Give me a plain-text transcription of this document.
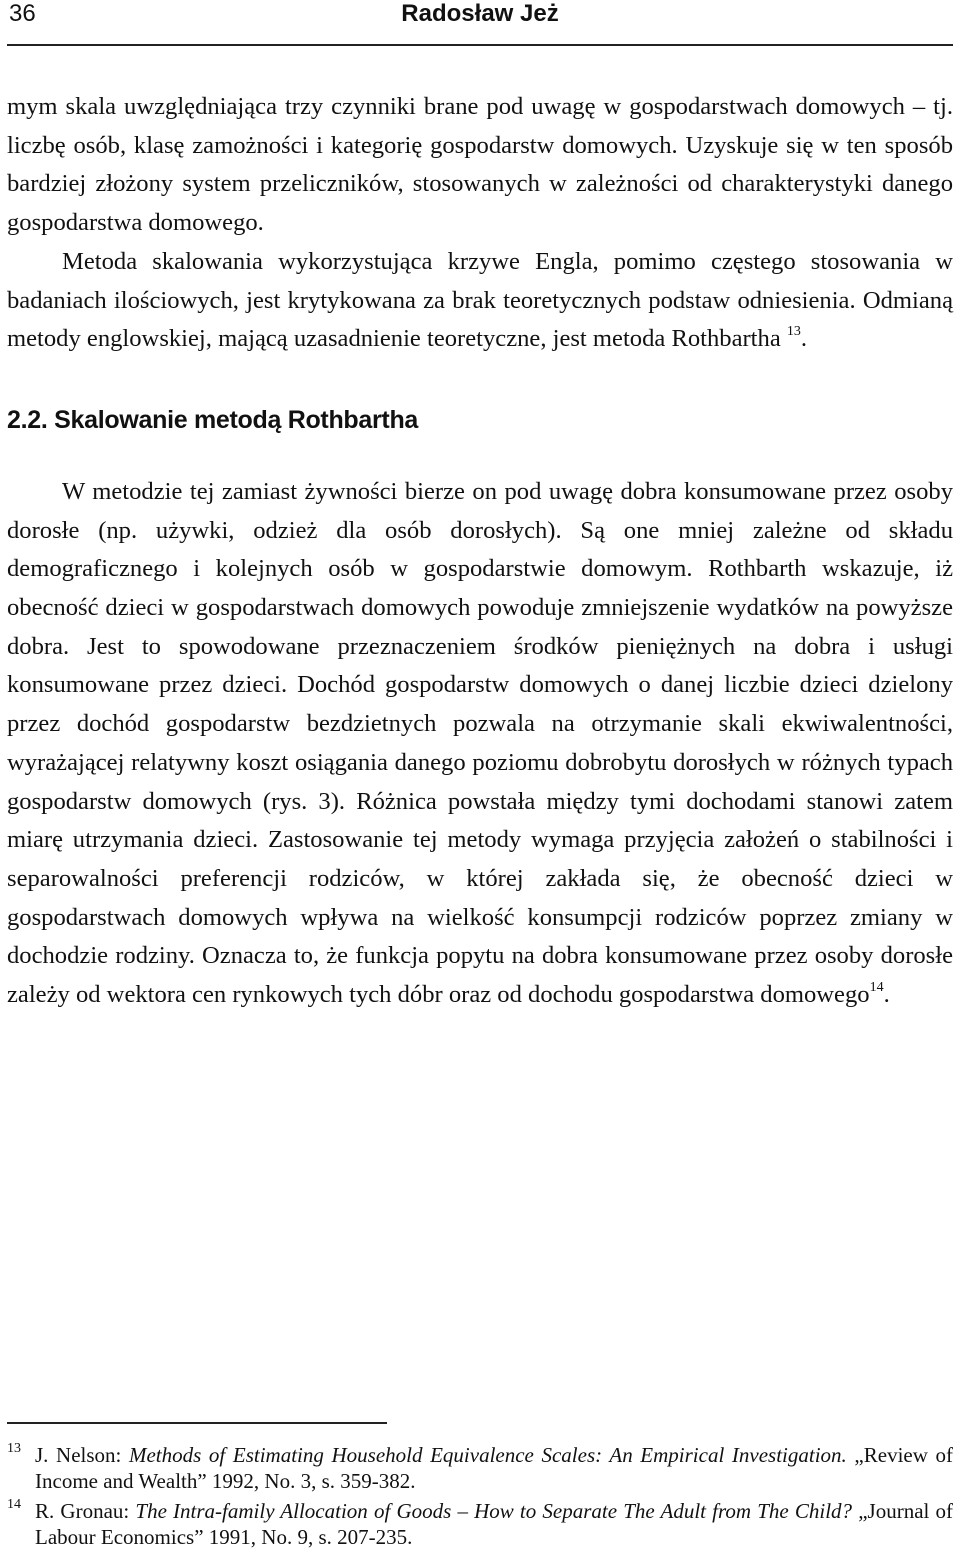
36	Radosław Jeż

mym skala uwzględniająca trzy czynniki brane pod uwagę w gospodarstwach domowych – tj. liczbę osób, klasę zamożności i kategorię gospodarstw domowych. Uzyskuje się w ten sposób bardziej złożony system przeliczników, stosowanych w zależności od charakterystyki danego gospodarstwa domowego.

Metoda skalowania wykorzystująca krzywe Engla, pomimo częstego stosowania w badaniach ilościowych, jest krytykowana za brak teoretycznych podstaw odniesienia. Odmianą metody englowskiej, mającą uzasadnienie teoretyczne, jest metoda Rothbartha $^{13}$.

2.2. Skalowanie metodą Rothbartha

W metodzie tej zamiast żywności bierze on pod uwagę dobra konsumowane przez osoby dorosłe (np. używki, odzież dla osób dorosłych). Są one mniej zależne od składu demograficznego i kolejnych osób w gospodarstwie domowym. Rothbarth wskazuje, iż obecność dzieci w gospodarstwach domowych powoduje zmniejszenie wydatków na powyższe dobra. Jest to spowodowane przeznaczeniem środków pieniężnych na dobra i usługi konsumowane przez dzieci. Dochód gospodarstw domowych o danej liczbie dzieci dzielony przez dochód gospodarstw bezdzietnych pozwala na otrzymanie skali ekwiwalentności, wyrażającej relatywny koszt osiągania danego poziomu dobrobytu dorosłych w różnych typach gospodarstw domowych (rys. 3). Różnica powstała między tymi dochodami stanowi zatem miarę utrzymania dzieci. Zastosowanie tej metody wymaga przyjęcia założeń o stabilności i separowalności preferencji rodziców, w której zakłada się, że obecność dzieci w gospodarstwach domowych wpływa na wielkość konsumpcji rodziców poprzez zmiany w dochodzie rodziny. Oznacza to, że funkcja popytu na dobra konsumowane przez osoby dorosłe zależy od wektora cen rynkowych tych dóbr oraz od dochodu gospodarstwa domowego$^{14}$.

13 J. Nelson: Methods of Estimating Household Equivalence Scales: An Empirical Investigation. „Review of Income and Wealth” 1992, No. 3, s. 359-382.
14 R. Gronau: The Intra-family Allocation of Goods – How to Separate The Adult from The Child? „Journal of Labour Economics” 1991, No. 9, s. 207-235.
